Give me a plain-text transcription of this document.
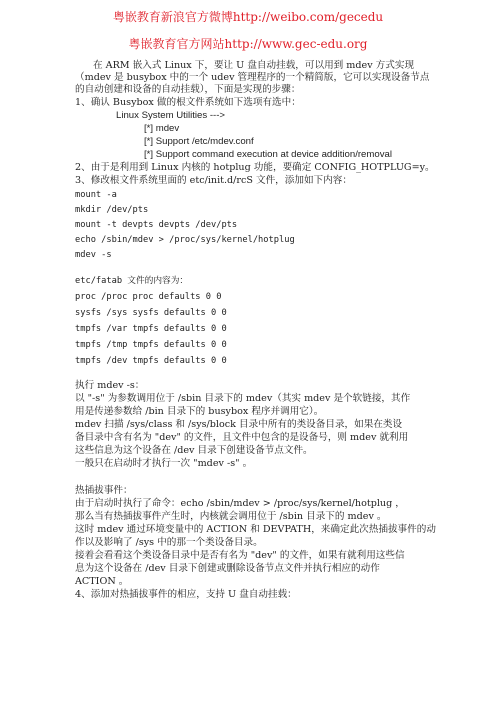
粤嵌教育新浪官方微博http://weibo.com/gecedu
粤嵌教育官方网站http://www.gec-edu.org
在 ARM 嵌入式 Linux 下，要让 U 盘自动挂载，可以用到 mdev 方式实现
（mdev 是 busybox 中的一个 udev 管理程序的一个精简版，它可以实现设备节点
的自动创建和设备的自动挂载），下面是实现的步骤：
1、确认 Busybox 做的根文件系统如下选项有选中：
Linux System Utilities --->
[*] mdev
[*] Support /etc/mdev.conf
[*] Support command execution at device addition/removal
2、由于是利用到 Linux 内核的 hotplug 功能，要确定 CONFIG_HOTPLUG=y。
3、修改根文件系统里面的 etc/init.d/rcS 文件，添加如下内容：
mount -a
mkdir /dev/pts
mount -t devpts devpts /dev/pts
echo /sbin/mdev > /proc/sys/kernel/hotplug
mdev -s
etc/fatab 文件的内容为：
proc /proc proc defaults 0 0
sysfs /sys sysfs defaults 0 0
tmpfs /var tmpfs defaults 0 0
tmpfs /tmp tmpfs defaults 0 0
tmpfs /dev tmpfs defaults 0 0
执行 mdev -s：
以 "-s" 为参数调用位于 /sbin 目录下的 mdev（其实 mdev 是个软链接，其作
用是传递参数给 /bin 目录下的 busybox 程序并调用它）。
mdev 扫描 /sys/class 和 /sys/block 目录中所有的类设备目录，如果在类设
备目录中含有名为 "dev" 的文件，且文件中包含的是设备号，则 mdev 就利用
这些信息为这个设备在 /dev 目录下创建设备节点文件。
一般只在启动时才执行一次 "mdev -s" 。
热插拔事件：
由于启动时执行了命令：echo /sbin/mdev > /proc/sys/kernel/hotplug ，
那么当有热插拔事件产生时，内核就会调用位于 /sbin 目录下的 mdev 。
这时 mdev 通过环境变量中的 ACTION 和 DEVPATH，来确定此次热插拔事件的动
作以及影响了 /sys 中的那一个类设备目录。
接着会看看这个类设备目录中是否有名为 "dev" 的文件，如果有就利用这些信
息为这个设备在 /dev 目录下创建或删除设备节点文件并执行相应的动作
ACTION 。
4、添加对热插拔事件的相应，支持 U 盘自动挂载：
